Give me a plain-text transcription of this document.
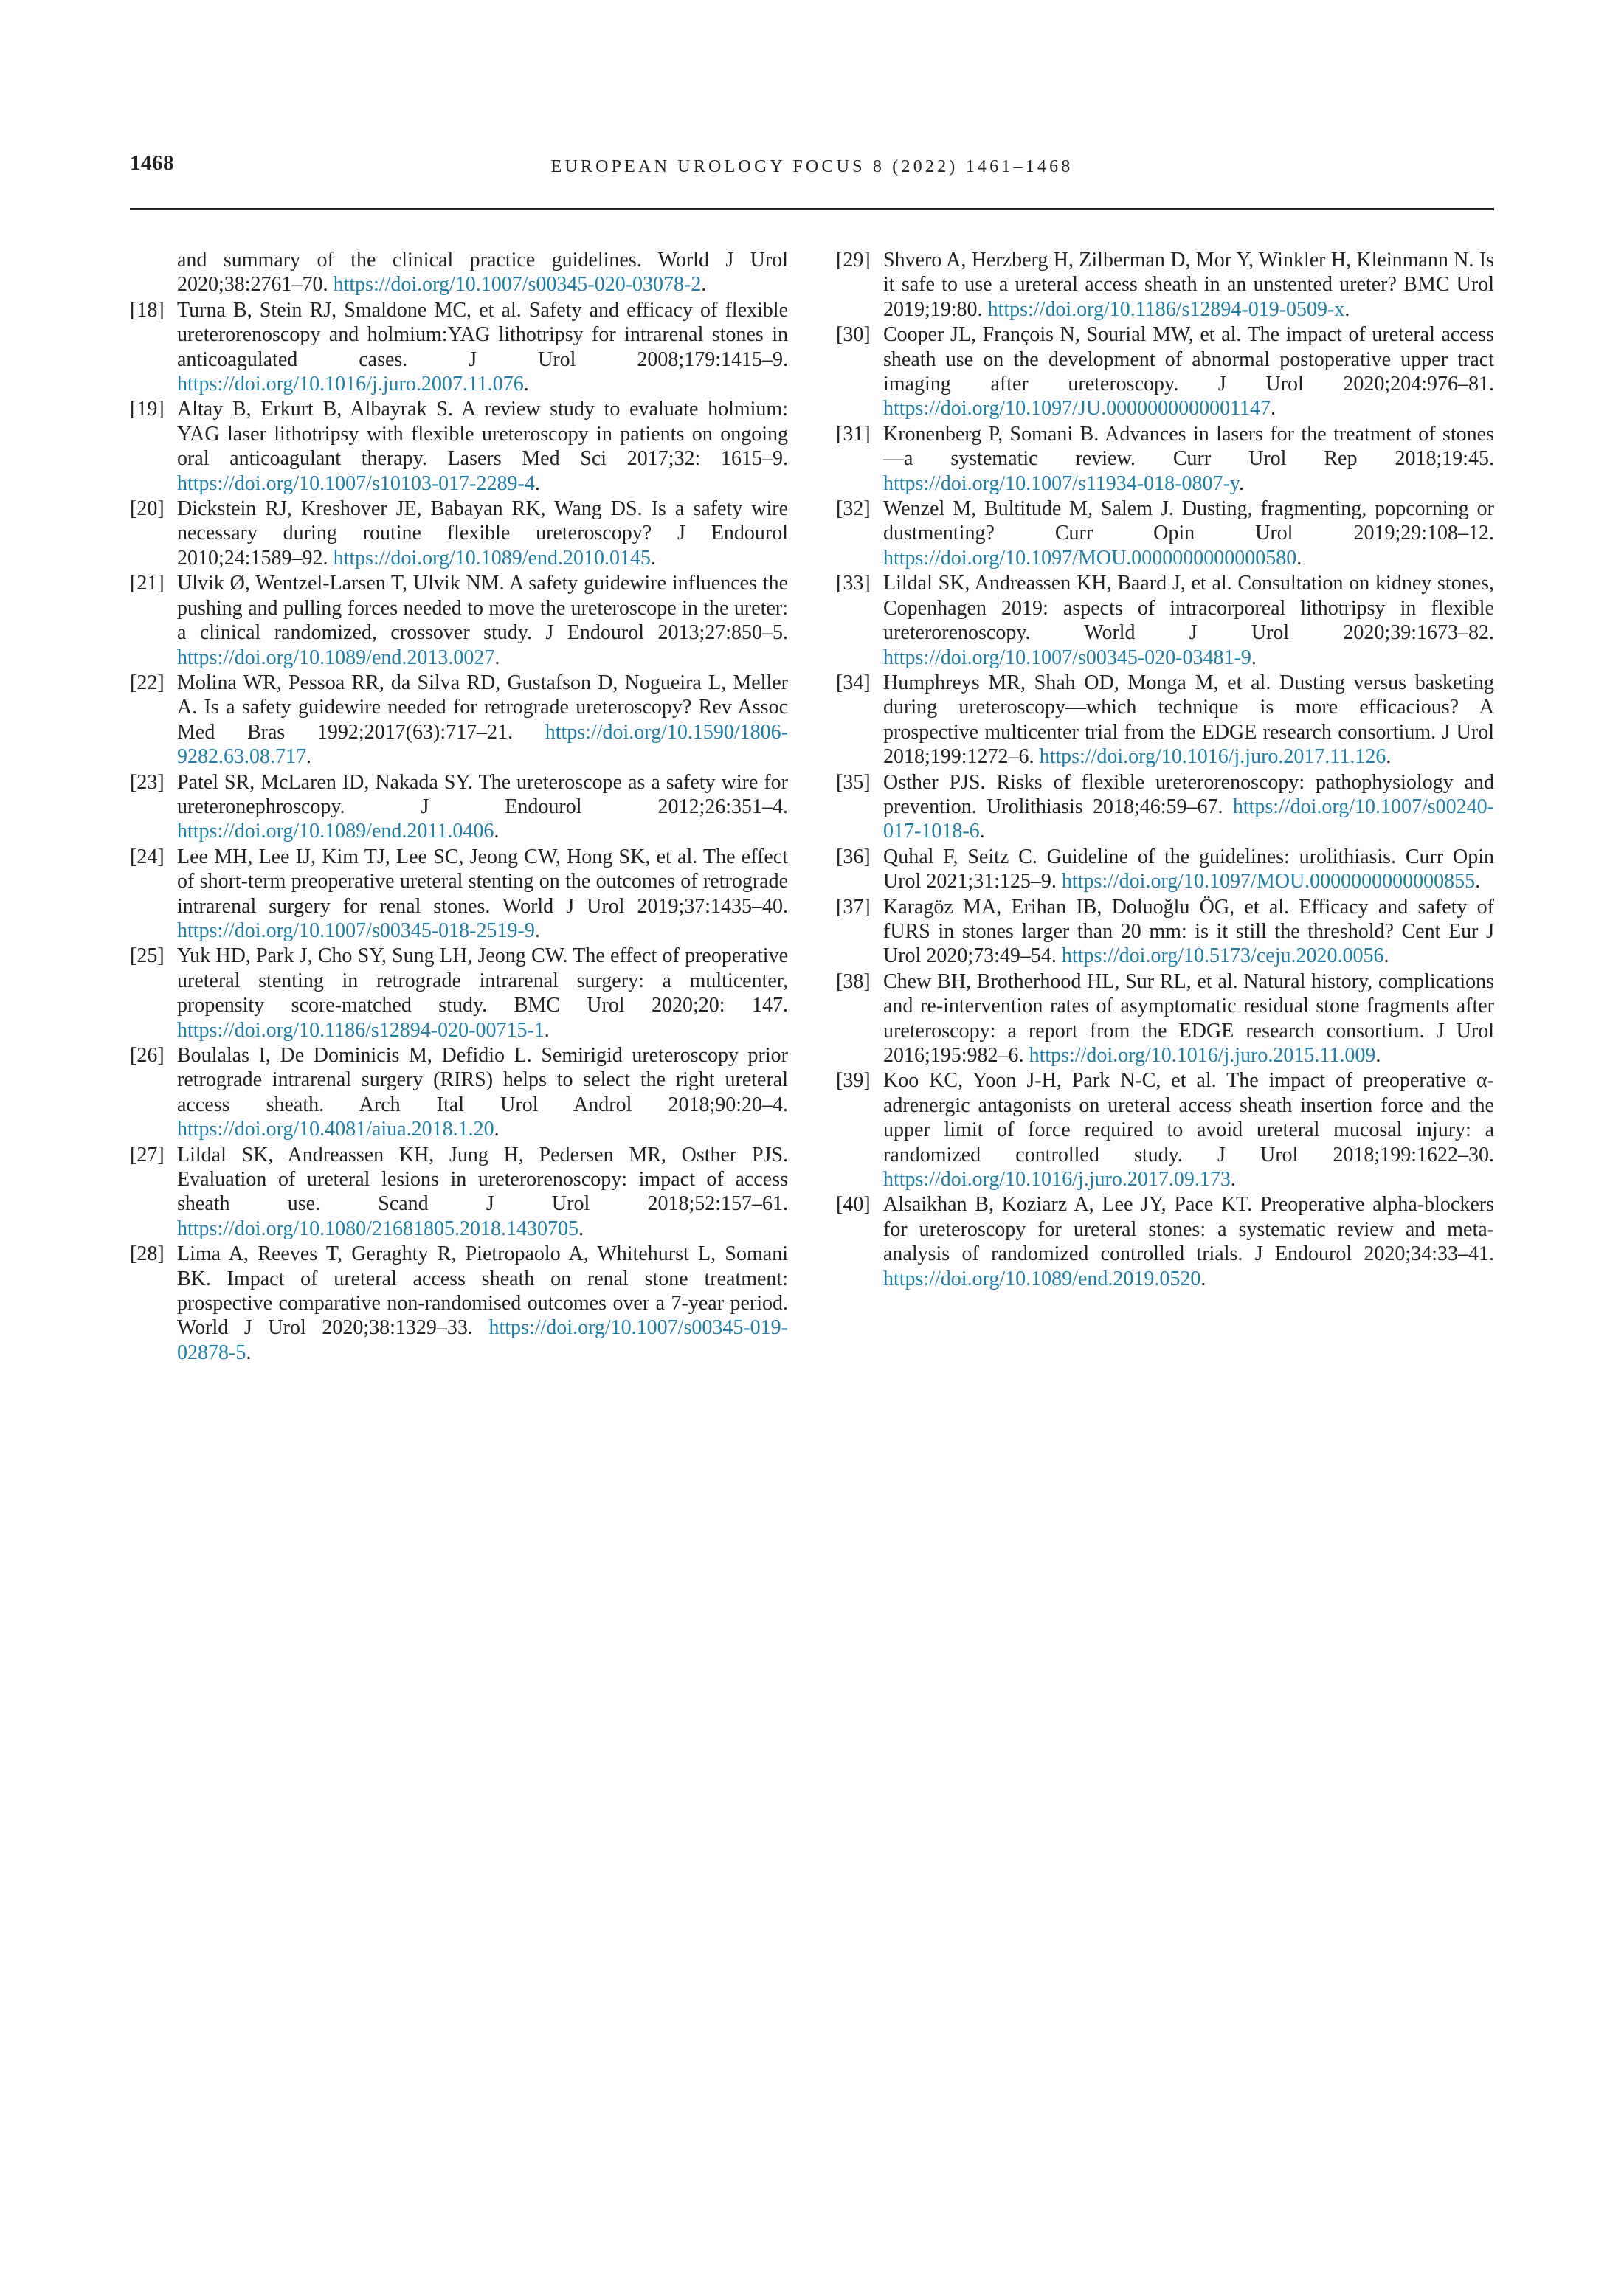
1468	EUROPEAN UROLOGY FOCUS 8 (2022) 1461–1468
and summary of the clinical practice guidelines. World J Urol 2020;38:2761–70. https://doi.org/10.1007/s00345-020-03078-2.
[18] Turna B, Stein RJ, Smaldone MC, et al. Safety and efficacy of flexible ureterorenoscopy and holmium:YAG lithotripsy for intrarenal stones in anticoagulated cases. J Urol 2008;179:1415–9. https://doi.org/10.1016/j.juro.2007.11.076.
[19] Altay B, Erkurt B, Albayrak S. A review study to evaluate holmium: YAG laser lithotripsy with flexible ureteroscopy in patients on ongoing oral anticoagulant therapy. Lasers Med Sci 2017;32: 1615–9. https://doi.org/10.1007/s10103-017-2289-4.
[20] Dickstein RJ, Kreshover JE, Babayan RK, Wang DS. Is a safety wire necessary during routine flexible ureteroscopy? J Endourol 2010;24:1589–92. https://doi.org/10.1089/end.2010.0145.
[21] Ulvik Ø, Wentzel-Larsen T, Ulvik NM. A safety guidewire influences the pushing and pulling forces needed to move the ureteroscope in the ureter: a clinical randomized, crossover study. J Endourol 2013;27:850–5. https://doi.org/10.1089/end.2013.0027.
[22] Molina WR, Pessoa RR, da Silva RD, Gustafson D, Nogueira L, Meller A. Is a safety guidewire needed for retrograde ureteroscopy? Rev Assoc Med Bras 1992;2017(63):717–21. https://doi.org/10.1590/1806-9282.63.08.717.
[23] Patel SR, McLaren ID, Nakada SY. The ureteroscope as a safety wire for ureteronephroscopy. J Endourol 2012;26:351–4. https://doi.org/10.1089/end.2011.0406.
[24] Lee MH, Lee IJ, Kim TJ, Lee SC, Jeong CW, Hong SK, et al. The effect of short-term preoperative ureteral stenting on the outcomes of retrograde intrarenal surgery for renal stones. World J Urol 2019;37:1435–40. https://doi.org/10.1007/s00345-018-2519-9.
[25] Yuk HD, Park J, Cho SY, Sung LH, Jeong CW. The effect of preoperative ureteral stenting in retrograde intrarenal surgery: a multicenter, propensity score-matched study. BMC Urol 2020;20: 147. https://doi.org/10.1186/s12894-020-00715-1.
[26] Boulalas I, De Dominicis M, Defidio L. Semirigid ureteroscopy prior retrograde intrarenal surgery (RIRS) helps to select the right ureteral access sheath. Arch Ital Urol Androl 2018;90:20–4. https://doi.org/10.4081/aiua.2018.1.20.
[27] Lildal SK, Andreassen KH, Jung H, Pedersen MR, Osther PJS. Evaluation of ureteral lesions in ureterorenoscopy: impact of access sheath use. Scand J Urol 2018;52:157–61. https://doi.org/10.1080/21681805.2018.1430705.
[28] Lima A, Reeves T, Geraghty R, Pietropaolo A, Whitehurst L, Somani BK. Impact of ureteral access sheath on renal stone treatment: prospective comparative non-randomised outcomes over a 7-year period. World J Urol 2020;38:1329–33. https://doi.org/10.1007/s00345-019-02878-5.
[29] Shvero A, Herzberg H, Zilberman D, Mor Y, Winkler H, Kleinmann N. Is it safe to use a ureteral access sheath in an unstented ureter? BMC Urol 2019;19:80. https://doi.org/10.1186/s12894-019-0509-x.
[30] Cooper JL, François N, Sourial MW, et al. The impact of ureteral access sheath use on the development of abnormal postoperative upper tract imaging after ureteroscopy. J Urol 2020;204:976–81. https://doi.org/10.1097/JU.0000000000001147.
[31] Kronenberg P, Somani B. Advances in lasers for the treatment of stones—a systematic review. Curr Urol Rep 2018;19:45. https://doi.org/10.1007/s11934-018-0807-y.
[32] Wenzel M, Bultitude M, Salem J. Dusting, fragmenting, popcorning or dustmenting? Curr Opin Urol 2019;29:108–12. https://doi.org/10.1097/MOU.0000000000000580.
[33] Lildal SK, Andreassen KH, Baard J, et al. Consultation on kidney stones, Copenhagen 2019: aspects of intracorporeal lithotripsy in flexible ureterorenoscopy. World J Urol 2020;39:1673–82. https://doi.org/10.1007/s00345-020-03481-9.
[34] Humphreys MR, Shah OD, Monga M, et al. Dusting versus basketing during ureteroscopy—which technique is more efficacious? A prospective multicenter trial from the EDGE research consortium. J Urol 2018;199:1272–6. https://doi.org/10.1016/j.juro.2017.11.126.
[35] Osther PJS. Risks of flexible ureterorenoscopy: pathophysiology and prevention. Urolithiasis 2018;46:59–67. https://doi.org/10.1007/s00240-017-1018-6.
[36] Quhal F, Seitz C. Guideline of the guidelines: urolithiasis. Curr Opin Urol 2021;31:125–9. https://doi.org/10.1097/MOU.0000000000000855.
[37] Karagöz MA, Erihan IB, Doluoğlu ÖG, et al. Efficacy and safety of fURS in stones larger than 20 mm: is it still the threshold? Cent Eur J Urol 2020;73:49–54. https://doi.org/10.5173/ceju.2020.0056.
[38] Chew BH, Brotherhood HL, Sur RL, et al. Natural history, complications and re-intervention rates of asymptomatic residual stone fragments after ureteroscopy: a report from the EDGE research consortium. J Urol 2016;195:982–6. https://doi.org/10.1016/j.juro.2015.11.009.
[39] Koo KC, Yoon J-H, Park N-C, et al. The impact of preoperative α-adrenergic antagonists on ureteral access sheath insertion force and the upper limit of force required to avoid ureteral mucosal injury: a randomized controlled study. J Urol 2018;199:1622–30. https://doi.org/10.1016/j.juro.2017.09.173.
[40] Alsaikhan B, Koziarz A, Lee JY, Pace KT. Preoperative alpha-blockers for ureteroscopy for ureteral stones: a systematic review and meta-analysis of randomized controlled trials. J Endourol 2020;34:33–41. https://doi.org/10.1089/end.2019.0520.
